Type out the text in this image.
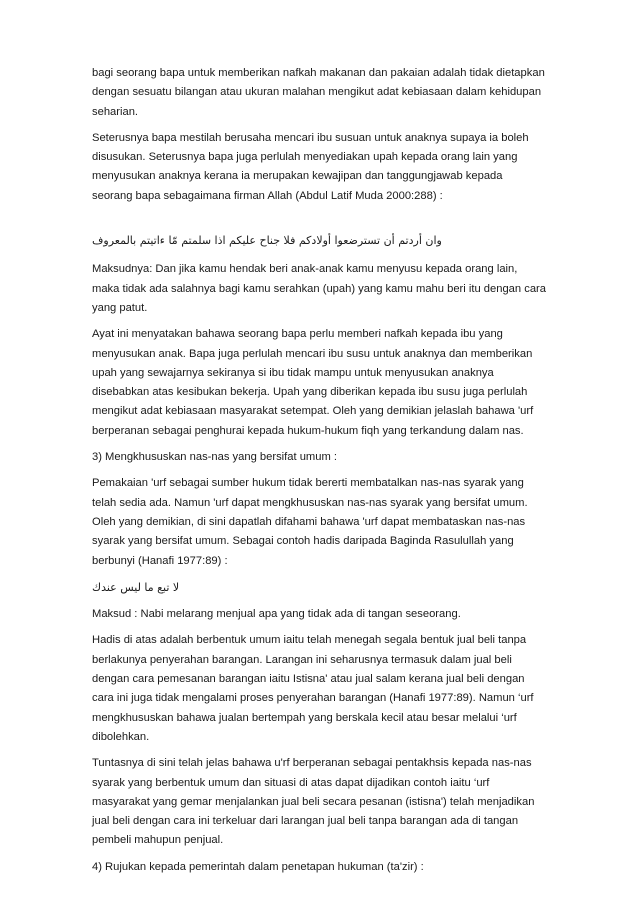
bagi seorang bapa untuk memberikan nafkah makanan dan pakaian adalah tidak dietapkan dengan sesuatu bilangan atau ukuran malahan mengikut adat kebiasaan dalam kehidupan seharian.

Seterusnya bapa mestilah berusaha mencari ibu susuan untuk anaknya supaya ia boleh disusukan. Seterusnya bapa juga perlulah menyediakan upah kepada orang lain yang menyusukan anaknya kerana ia merupakan kewajipan dan tanggungjawab kepada seorang bapa sebagaimana firman Allah (Abdul Latif Muda 2000:288) :

وان أردتم أن تسترضعوا أولادكم فلا جناح عليكم اذا سلمتم مّا ءاتيتم بالمعروف

Maksudnya: Dan jika kamu hendak beri anak-anak kamu menyusu kepada orang lain, maka tidak ada salahnya bagi kamu serahkan (upah) yang kamu mahu beri itu dengan cara yang patut.

Ayat ini menyatakan bahawa seorang bapa perlu memberi nafkah kepada ibu yang menyusukan anak. Bapa juga perlulah mencari ibu susu untuk anaknya dan memberikan upah yang sewajarnya sekiranya si ibu tidak mampu untuk menyusukan anaknya disebabkan atas kesibukan bekerja. Upah yang diberikan kepada ibu susu juga perlulah mengikut adat kebiasaan masyarakat setempat. Oleh yang demikian jelaslah bahawa 'urf berperanan sebagai penghurai kepada hukum-hukum fiqh yang terkandung dalam nas.

3) Mengkhususkan nas-nas yang bersifat umum :

Pemakaian 'urf sebagai sumber hukum tidak bererti membatalkan nas-nas syarak yang telah sedia ada. Namun 'urf dapat mengkhususkan nas-nas syarak yang bersifat umum. Oleh yang demikian, di sini dapatlah difahami bahawa 'urf dapat membataskan nas-nas syarak yang bersifat umum. Sebagai contoh hadis daripada Baginda Rasulullah yang berbunyi (Hanafi 1977:89) :

لا تبع ما ليس عندك

Maksud : Nabi melarang menjual apa yang tidak ada di tangan seseorang.

Hadis di atas adalah berbentuk umum iaitu telah menegah segala bentuk jual beli tanpa berlakunya penyerahan barangan. Larangan ini seharusnya termasuk dalam jual beli dengan cara pemesanan barangan iaitu Istisna' atau jual salam kerana jual beli dengan cara ini juga tidak mengalami proses penyerahan barangan (Hanafi 1977:89). Namun ‘urf mengkhususkan bahawa jualan bertempah yang berskala kecil atau besar melalui ‘urf dibolehkan.

Tuntasnya di sini telah jelas bahawa u'rf berperanan sebagai pentakhsis kepada nas-nas syarak yang berbentuk umum dan situasi di atas dapat dijadikan contoh iaitu ‘urf masyarakat yang gemar menjalankan jual beli secara pesanan (istisna') telah menjadikan jual beli dengan cara ini terkeluar dari larangan jual beli tanpa barangan ada di tangan pembeli mahupun penjual.

4) Rujukan kepada pemerintah dalam penetapan hukuman (ta'zir) :
